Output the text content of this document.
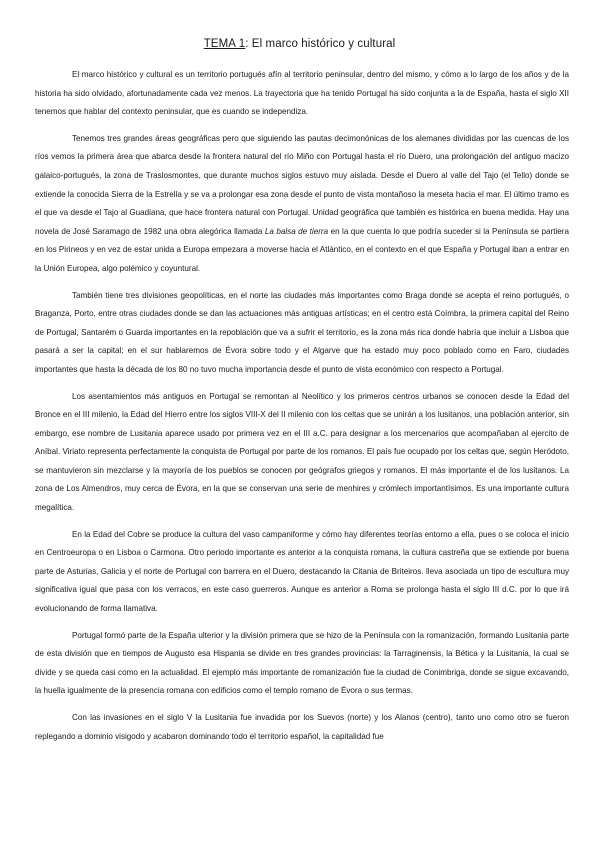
TEMA 1: El marco histórico y cultural

El marco histórico y cultural es un territorio portugués afín al territorio peninsular, dentro del mismo, y cómo a lo largo de los años y de la historia ha sido olvidado, afortunadamente cada vez menos. La trayectoria que ha tenido Portugal ha sido conjunta a la de España, hasta el siglo XII tenemos que hablar del contexto peninsular, que es cuando se independiza.

Tenemos tres grandes áreas geográficas pero que siguiendo las pautas decimonónicas de los alemanes divididas por las cuencas de los ríos vemos la primera área que abarca desde la frontera natural del río Miño con Portugal hasta el río Duero, una prolongación del antiguo macizo galaico-portugués, la zona de Traslosmontes, que durante muchos siglos estuvo muy aislada. Desde el Duero al valle del Tajo (el Tello) donde se extiende la conocida Sierra de la Estrella y se va a prolongar esa zona desde el punto de vista montañoso la meseta hacia el mar. El último tramo es el que va desde el Tajo al Guadiana, que hace frontera natural con Portugal. Unidad geográfica que también es histórica en buena medida. Hay una novela de José Saramago de 1982 una obra alegórica llamada La balsa de tierra en la que cuenta lo que podría suceder si la Península se partiera en los Pirineos y en vez de estar unida a Europa empezara a moverse hacia el Atlántico, en el contexto en el que España y Portugal iban a entrar en la Unión Europea, algo polémico y coyuntural.

También tiene tres divisiones geopolíticas, en el norte las ciudades más importantes como Braga donde se acepta el reino portugués, o Braganza, Porto, entre otras ciudades donde se dan las actuaciones más antiguas artísticas; en el centro está Coímbra, la primera capital del Reino de Portugal, Santarém o Guarda importantes en la repoblación que va a sufrir el territorio, es la zona más rica donde habría que incluir a Lisboa que pasará a ser la capital; en el sur hablaremos de Évora sobre todo y el Algarve que ha estado muy poco poblado como en Faro, ciudades importantes que hasta la década de los 80 no tuvo mucha importancia desde el punto de vista económico con respecto a Portugal.

Los asentamientos más antiguos en Portugal se remontan al Neolítico y los primeros centros urbanos se conocen desde la Edad del Bronce en el III milenio, la Edad del Hierro entre los siglos VIII-X del II milenio con los celtas que se unirán a los lusitanos, una población anterior, sin embargo, ese nombre de Lusitania aparece usado por primera vez en el III a.C. para designar a los mercenarios que acompañaban al ejercito de Aníbal. Viriato representa perfectamente la conquista de Portugal por parte de los romanos. El país fue ocupado por los celtas que, según Heródoto, se mantuvieron sin mezclarse y la mayoría de los pueblos se conocen por geógrafos griegos y romanos. El más importante el de los lusitanos. La zona de Los Almendros, muy cerca de Évora, en la que se conservan una serie de menhires y crómlech importantísimos. Es una importante cultura megalítica.

En la Edad del Cobre se produce la cultura del vaso campaniforme y cómo hay diferentes teorías entorno a ella, pues o se coloca el inicio en Centroeuropa o en Lisboa o Carmona. Otro periodo importante es anterior a la conquista romana, la cultura castreña que se extiende por buena parte de Asturias, Galicia y el norte de Portugal con barrera en el Duero, destacando la Citania de Briteiros. lleva asociada un tipo de escultura muy significativa igual que pasa con los verracos, en este caso guerreros. Aunque es anterior a Roma se prolonga hasta el siglo III d.C. por lo que irá evolucionando de forma llamativa.

Portugal formó parte de la España ulterior y la división primera que se hizo de la Península con la romanización, formando Lusitania parte de esta división que en tiempos de Augusto esa Hispania se divide en tres grandes provincias: la Tarraginensis, la Bética y la Lusitania, la cual se divide y se queda casi como en la actualidad. El ejemplo más importante de romanización fue la ciudad de Conimbriga, donde se sigue excavando, la huella igualmente de la presencia romana con edificios como el templo romano de Évora o sus termas.

Con las invasiones en el siglo V la Lusitania fue invadida por los Suevos (norte) y los Alanos (centro), tanto uno como otro se fueron replegando a dominio visigodo y acabaron dominando todo el territorio español, la capitalidad fue
